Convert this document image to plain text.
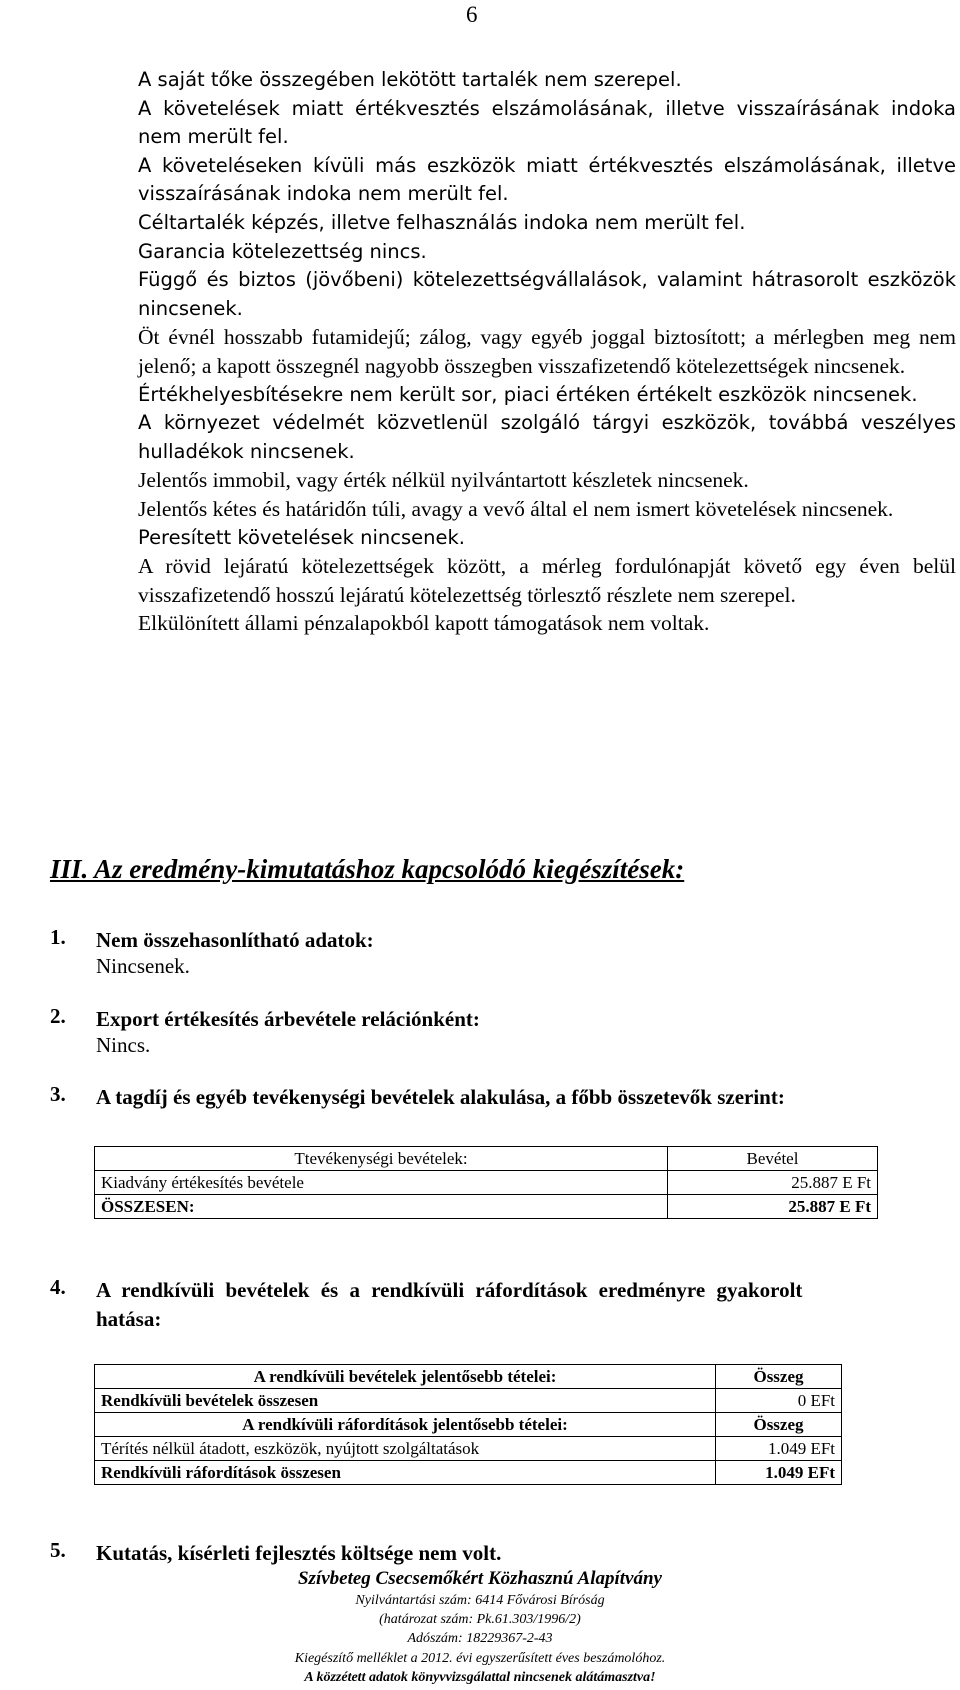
6

A saját tőke összegében lekötött tartalék nem szerepel.

A követelések miatt értékvesztés elszámolásának, illetve visszaírásának indoka nem merült fel.

A követeléseken kívüli más eszközök miatt értékvesztés elszámolásának, illetve visszaírásának indoka nem merült fel.

Céltartalék képzés, illetve felhasználás indoka nem merült fel.

Garancia kötelezettség nincs.

Függő és biztos (jövőbeni) kötelezettségvállalások, valamint hátrasorolt eszközök nincsenek.

Öt évnél hosszabb futamidejű; zálog, vagy egyéb joggal biztosított; a mérlegben meg nem jelenő; a kapott összegnél nagyobb összegben visszafizetendő kötelezettségek nincsenek.

Értékhelyesbítésekre nem került sor, piaci értéken értékelt eszközök nincsenek.

A környezet védelmét közvetlenül szolgáló tárgyi eszközök, továbbá veszélyes hulladékok nincsenek.

Jelentős immobil, vagy érték nélkül nyilvántartott készletek nincsenek.

Jelentős kétes és határidőn túli, avagy a vevő által el nem ismert követelések nincsenek.

Peresített követelések nincsenek.

A rövid lejáratú kötelezettségek között, a mérleg fordulónapját követő egy éven belül visszafizetendő hosszú lejáratú kötelezettség törlesztő részlete nem szerepel.

Elkülönített állami pénzalapokból kapott támogatások nem voltak.

III. Az eredmény-kimutatáshoz kapcsolódó kiegészítések:
1. Nem összehasonlítható adatok:
Nincsenek.
2. Export értékesítés árbevétele relációnként:
Nincs.
3. A tagdíj és egyéb tevékenységi bevételek alakulása, a főbb összetevők szerint:
Ttevékenységi bevételek:	Bevétel
Kiadvány értékesítés bevétele	25.887 E Ft
ÖSSZESEN:	25.887 E Ft
4. A rendkívüli bevételek és a rendkívüli ráfordítások eredményre gyakorolt
hatása:
A rendkívüli bevételek jelentősebb tételei:	Összeg
Rendkívüli bevételek összesen	0 EFt
A rendkívüli ráfordítások jelentősebb tételei:	Összeg
Térítés nélkül átadott, eszközök, nyújtott szolgáltatások	1.049 EFt
Rendkívüli ráfordítások összesen	1.049 EFt
5. Kutatás, kísérleti fejlesztés költsége nem volt.
Szívbeteg Csecsemőkért Közhasznú Alapítvány
Nyilvántartási szám: 6414 Fővárosi Bíróság
(határozat szám: Pk.61.303/1996/2)
Adószám: 18229367-2-43
Kiegészítő melléklet a 2012. évi egyszerűsített éves beszámolóhoz.
A közzétett adatok könyvvizsgálattal nincsenek alátámasztva!
